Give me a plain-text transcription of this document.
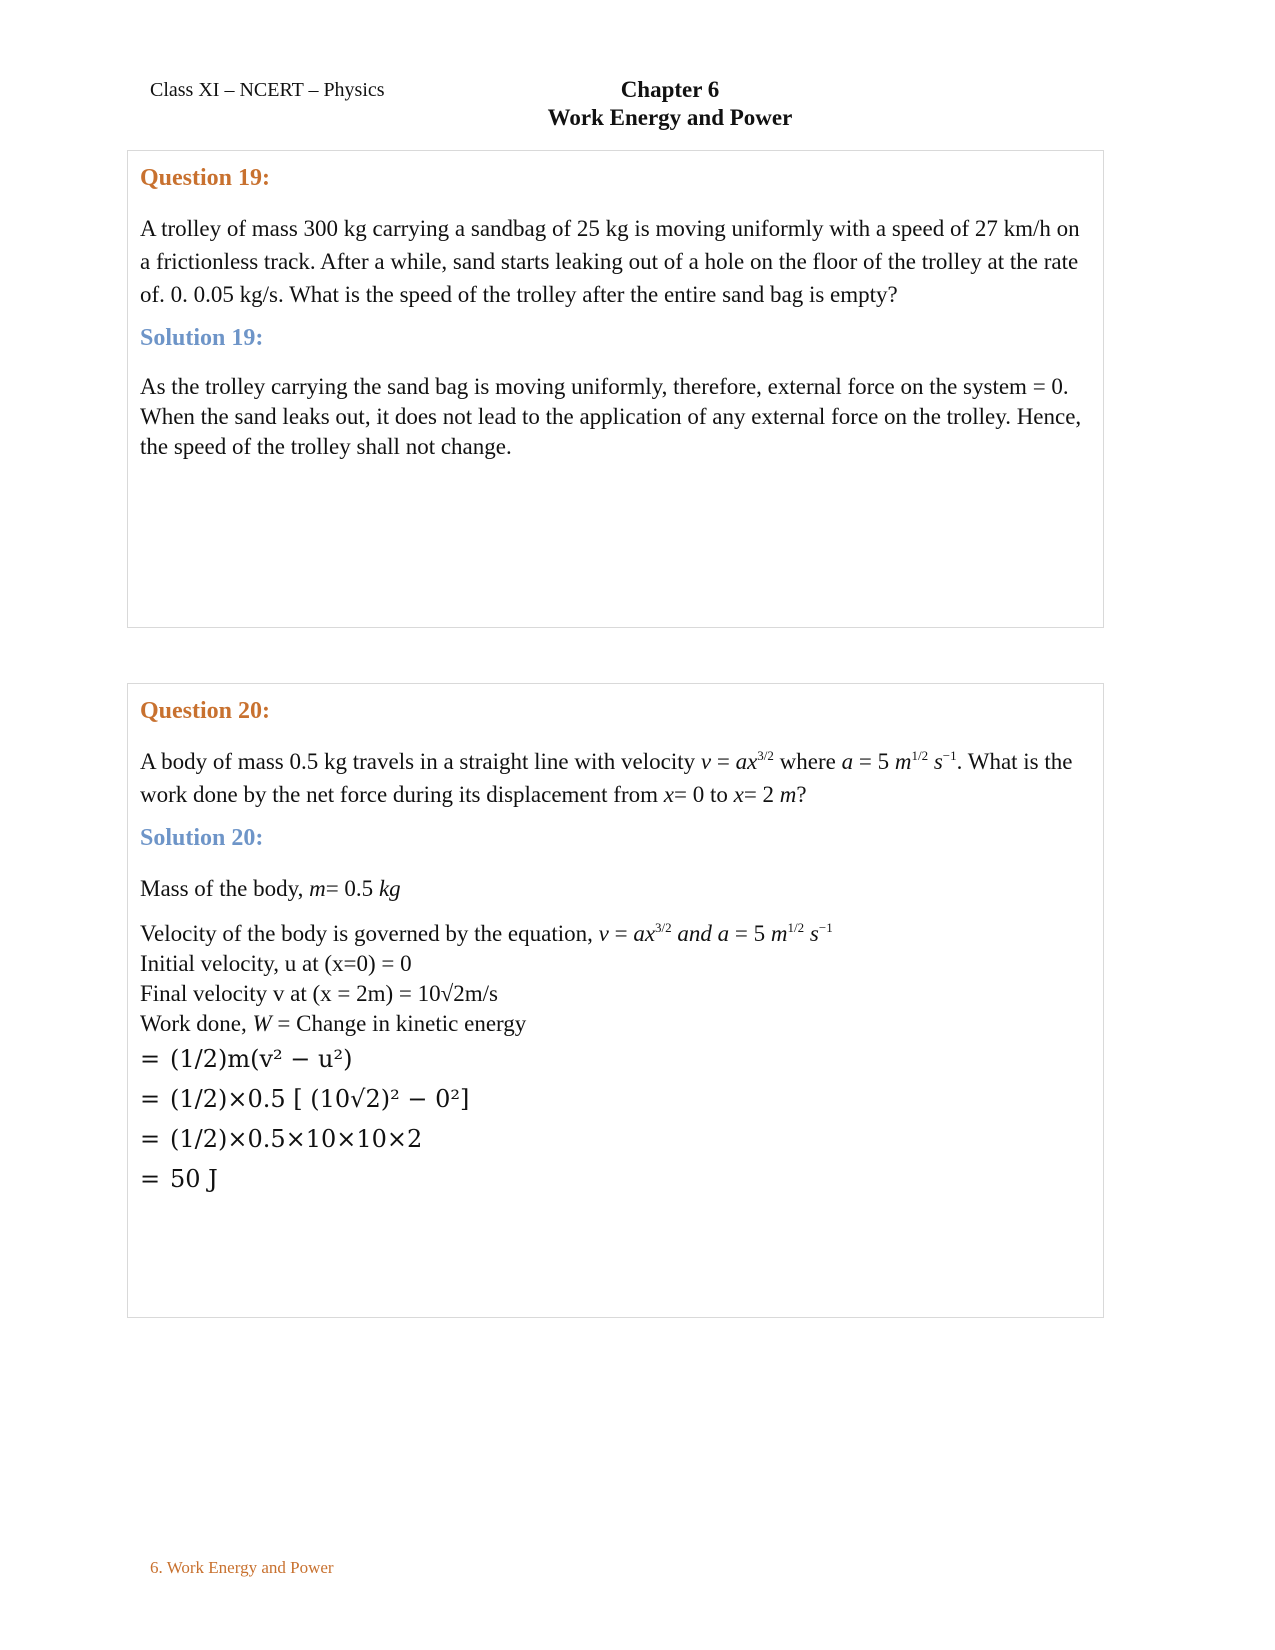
Class XI – NCERT – Physics	Chapter 6
Work Energy and Power
Question 19:

A trolley of mass 300 kg carrying a sandbag of 25 kg is moving uniformly with a speed of 27 km/h on a frictionless track. After a while, sand starts leaking out of a hole on the floor of the trolley at the rate of. 0. 0.05 kg/s. What is the speed of the trolley after the entire sand bag is empty?

Solution 19:

As the trolley carrying the sand bag is moving uniformly, therefore, external force on the system = 0.

When the sand leaks out, it does not lead to the application of any external force on the trolley. Hence, the speed of the trolley shall not change.

Question 20:

A body of mass 0.5 kg travels in a straight line with velocity $v = ax^{3/2}$ where a = 5 $m^{1/2}$ $s^{-1}$. What is the work done by the net force during its displacement from x= 0 to x= 2 m?

Solution 20:

Mass of the body, m= 0.5 kg

Velocity of the body is governed by the equation, $v = ax^{3/2}$ and a = 5 $m^{1/2}$ $s^{-1}$

Initial velocity, u at (x=0) = 0

Final velocity v at (x = 2m) = 10√2m/s

Work done, W = Change in kinetic energy

= (1/2)m(v² − u²)

= (1/2)×0.5 [ (10√2)² − 0²]

= (1/2)×0.5×10×10×2

= 50 J

6. Work Energy and Power
